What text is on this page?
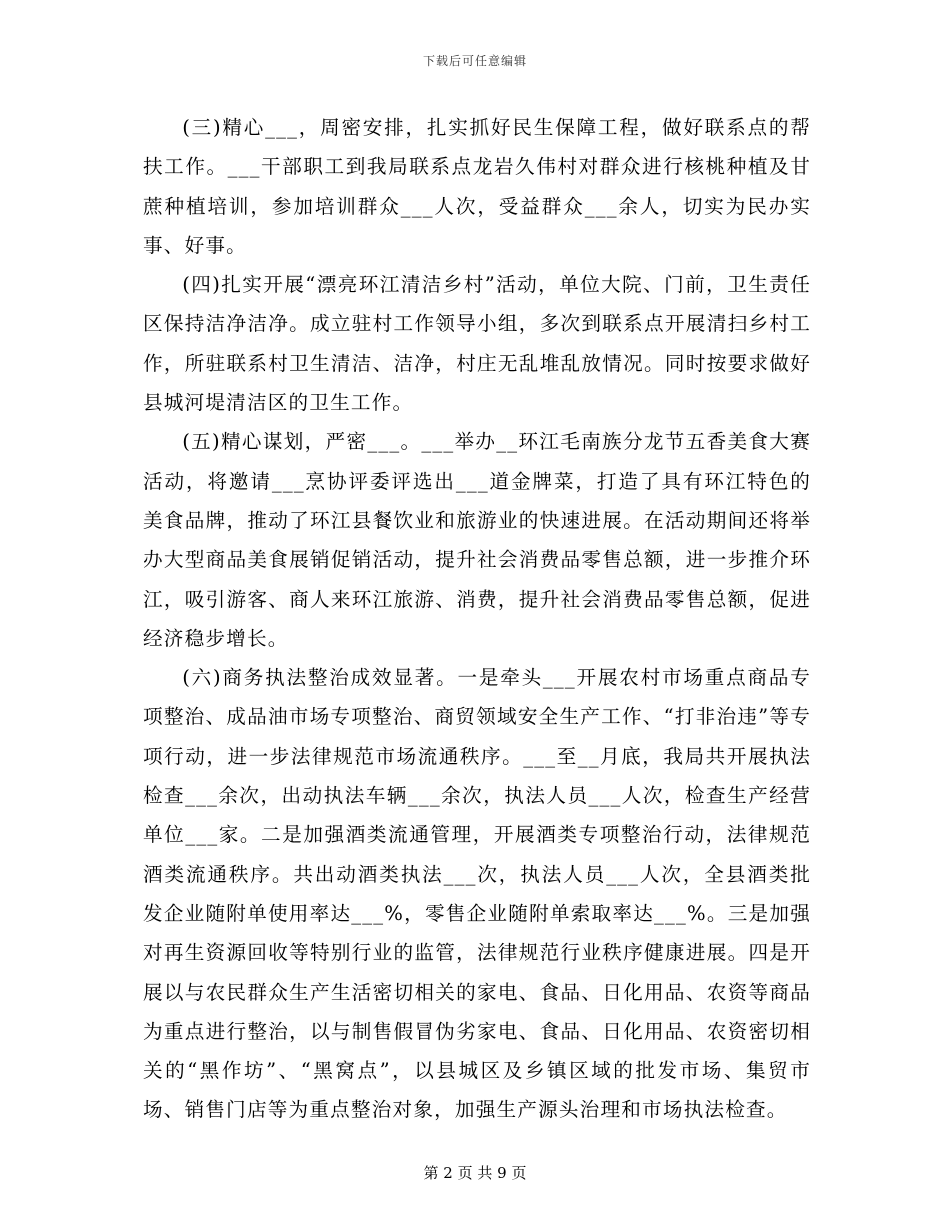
下载后可任意编辑

(三)精心___，周密安排，扎实抓好民生保障工程，做好联系点的帮扶工作。___干部职工到我局联系点龙岩久伟村对群众进行核桃种植及甘蔗种植培训，参加培训群众___人次，受益群众___余人，切实为民办实事、好事。

(四)扎实开展“漂亮环江清洁乡村”活动，单位大院、门前，卫生责任区保持洁净洁净。成立驻村工作领导小组，多次到联系点开展清扫乡村工作，所驻联系村卫生清洁、洁净，村庄无乱堆乱放情况。同时按要求做好县城河堤清洁区的卫生工作。

(五)精心谋划，严密___。___举办__环江毛南族分龙节五香美食大赛活动，将邀请___烹协评委评选出___道金牌菜，打造了具有环江特色的美食品牌，推动了环江县餐饮业和旅游业的快速进展。在活动期间还将举办大型商品美食展销促销活动，提升社会消费品零售总额，进一步推介环江，吸引游客、商人来环江旅游、消费，提升社会消费品零售总额，促进经济稳步增长。

(六)商务执法整治成效显著。一是牵头___开展农村市场重点商品专项整治、成品油市场专项整治、商贸领域安全生产工作、“打非治违”等专项行动，进一步法律规范市场流通秩序。___至__月底，我局共开展执法检查___余次，出动执法车辆___余次，执法人员___人次，检查生产经营单位___家。二是加强酒类流通管理，开展酒类专项整治行动，法律规范酒类流通秩序。共出动酒类执法___次，执法人员___人次，全县酒类批发企业随附单使用率达___%，零售企业随附单索取率达___%。三是加强对再生资源回收等特别行业的监管，法律规范行业秩序健康进展。四是开展以与农民群众生产生活密切相关的家电、食品、日化用品、农资等商品为重点进行整治，以与制售假冒伪劣家电、食品、日化用品、农资密切相关的“黑作坊”、“黑窝点”，以县城区及乡镇区域的批发市场、集贸市场、销售门店等为重点整治对象，加强生产源头治理和市场执法检查。

第 2 页 共 9 页
